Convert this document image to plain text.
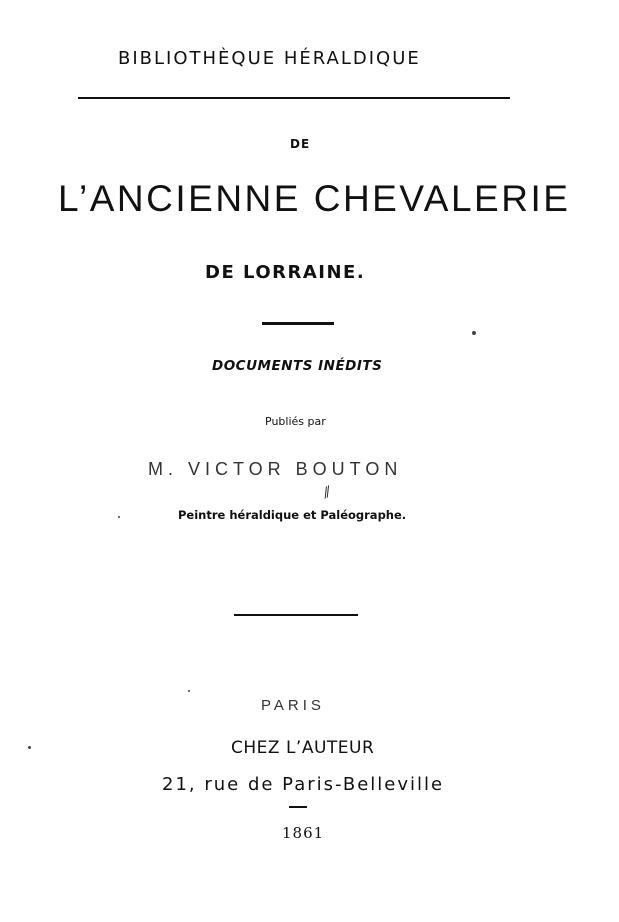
BIBLIOTHÈQUE HÉRALDIQUE
DE
L’ANCIENNE CHEVALERIE
DE LORRAINE.
DOCUMENTS INÉDITS
Publiés par
M. VICTOR BOUTON
⁄⁄
Peintre héraldique et Paléographe.
PARIS
CHEZ L’AUTEUR
21, rue de Paris-Belleville
1861
